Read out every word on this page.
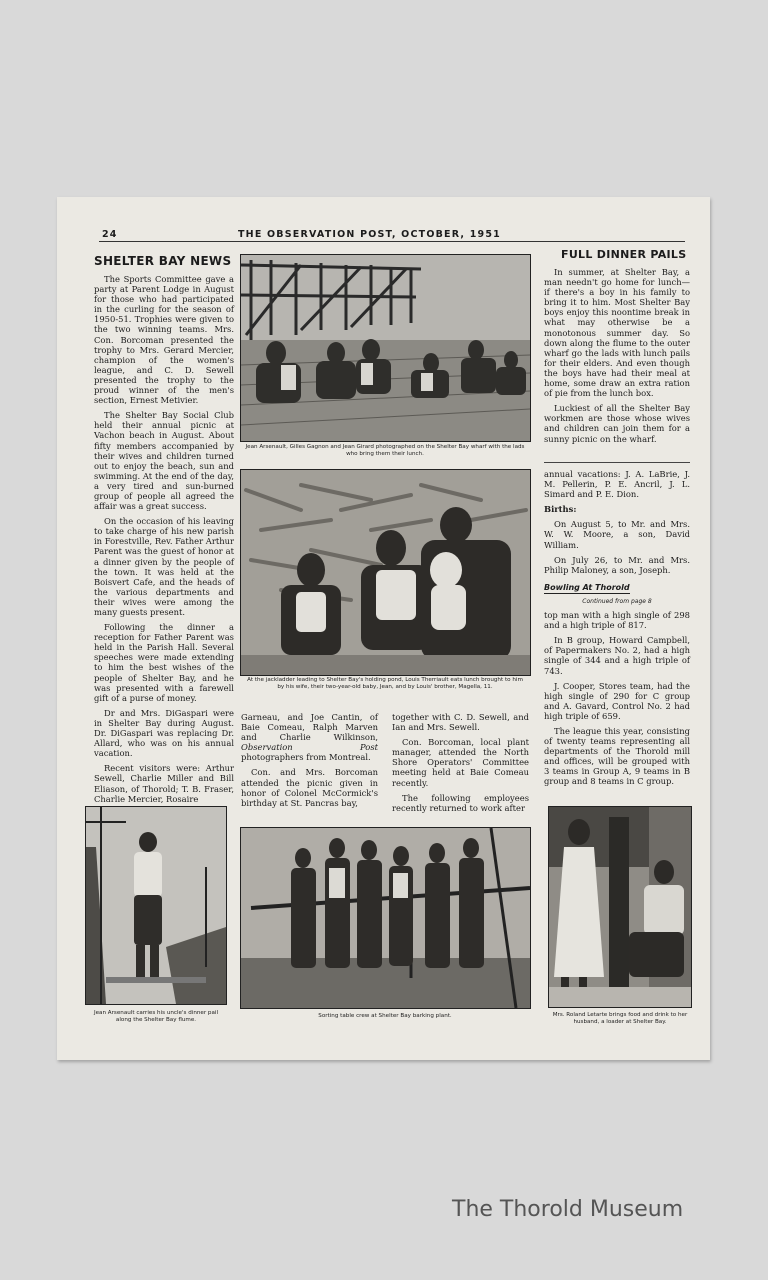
24	THE OBSERVATION POST, OCTOBER, 1951
SHELTER BAY NEWS

The Sports Committee gave a party at Parent Lodge in August for those who had participated in the curling for the season of 1950-51. Trophies were given to the two winning teams. Mrs. Con. Borcoman presented the trophy to Mrs. Gerard Mercier, champion of the women's league, and C. D. Sewell presented the trophy to the proud winner of the men's section, Ernest Metivier.

The Shelter Bay Social Club held their annual picnic at Vachon beach in August. About fifty members accompanied by their wives and children turned out to enjoy the beach, sun and swimming. At the end of the day, a very tired and sun-burned group of people all agreed the affair was a great success.

On the occasion of his leaving to take charge of his new parish in Forestville, Rev. Father Arthur Parent was the guest of honor at a dinner given by the people of the town. It was held at the Boisvert Cafe, and the heads of the various departments and their wives were among the many guests present.

Following the dinner a reception for Father Parent was held in the Parish Hall. Several speeches were made extending to him the best wishes of the people of Shelter Bay, and he was presented with a farewell gift of a purse of money.

Dr and Mrs. DiGaspari were in Shelter Bay during August. Dr. DiGaspari was replacing Dr. Allard, who was on his annual vacation.

Recent visitors were: Arthur Sewell, Charlie Miller and Bill Eliason, of Thorold; T. B. Fraser, Charlie Mercier, Rosaire

Jean Arsenault, Gilles Gagnon and Jean Girard photographed on the Shelter Bay wharf with the lads who bring them their lunch.
At the jackladder leading to Shelter Bay's holding pond, Louis Therriault eats lunch brought to him by his wife, their two-year-old baby, Jean, and by Louis' brother, Magella, 11.

Garneau, and Joe Cantin, of Baie Comeau, Ralph Marven and Charlie Wilkinson, Observation Post photographers from Montreal.

Con. and Mrs. Borcoman attended the picnic given in honor of Colonel McCormick's birthday at St. Pancras bay,

together with C. D. Sewell, and Ian and Mrs. Sewell.

Con. Borcoman, local plant manager, attended the North Shore Operators' Committee meeting held at Baie Comeau recently.

The following employees recently returned to work after

FULL DINNER PAILS

In summer, at Shelter Bay, a man needn't go home for lunch—if there's a boy in his family to bring it to him. Most Shelter Bay boys enjoy this noontime break in what may otherwise be a monotonous summer day. So down along the flume to the outer wharf go the lads with lunch pails for their elders. And even though the boys have had their meal at home, some draw an extra ration of pie from the lunch box.

Luckiest of all the Shelter Bay workmen are those whose wives and children can join them for a sunny picnic on the wharf.

annual vacations: J. A. LaBrie, J. M. Pellerin, P. E. Ancril, J. L. Simard and P. E. Dion.

Births:

On August 5, to Mr. and Mrs. W. W. Moore, a son, David William.

On July 26, to Mr. and Mrs. Philip Maloney, a son, Joseph.

Bowling At Thorold
Continued from page 8

top man with a high single of 298 and a high triple of 817.

In B group, Howard Campbell, of Papermakers No. 2, had a high single of 344 and a high triple of 743.

J. Cooper, Stores team, had the high single of 290 for C group and A. Gavard, Control No. 2 had high triple of 659.

The league this year, consisting of twenty teams representing all departments of the Thorold mill and offices, will be grouped with 3 teams in Group A, 9 teams in B group and 8 teams in C group.

Jean Arsenault carries his uncle's dinner pail along the Shelter Bay flume.
Sorting table crew at Shelter Bay barking plant.	Mrs. Roland Letarte brings food and drink to her husband, a loader at Shelter Bay.
The Thorold Museum
